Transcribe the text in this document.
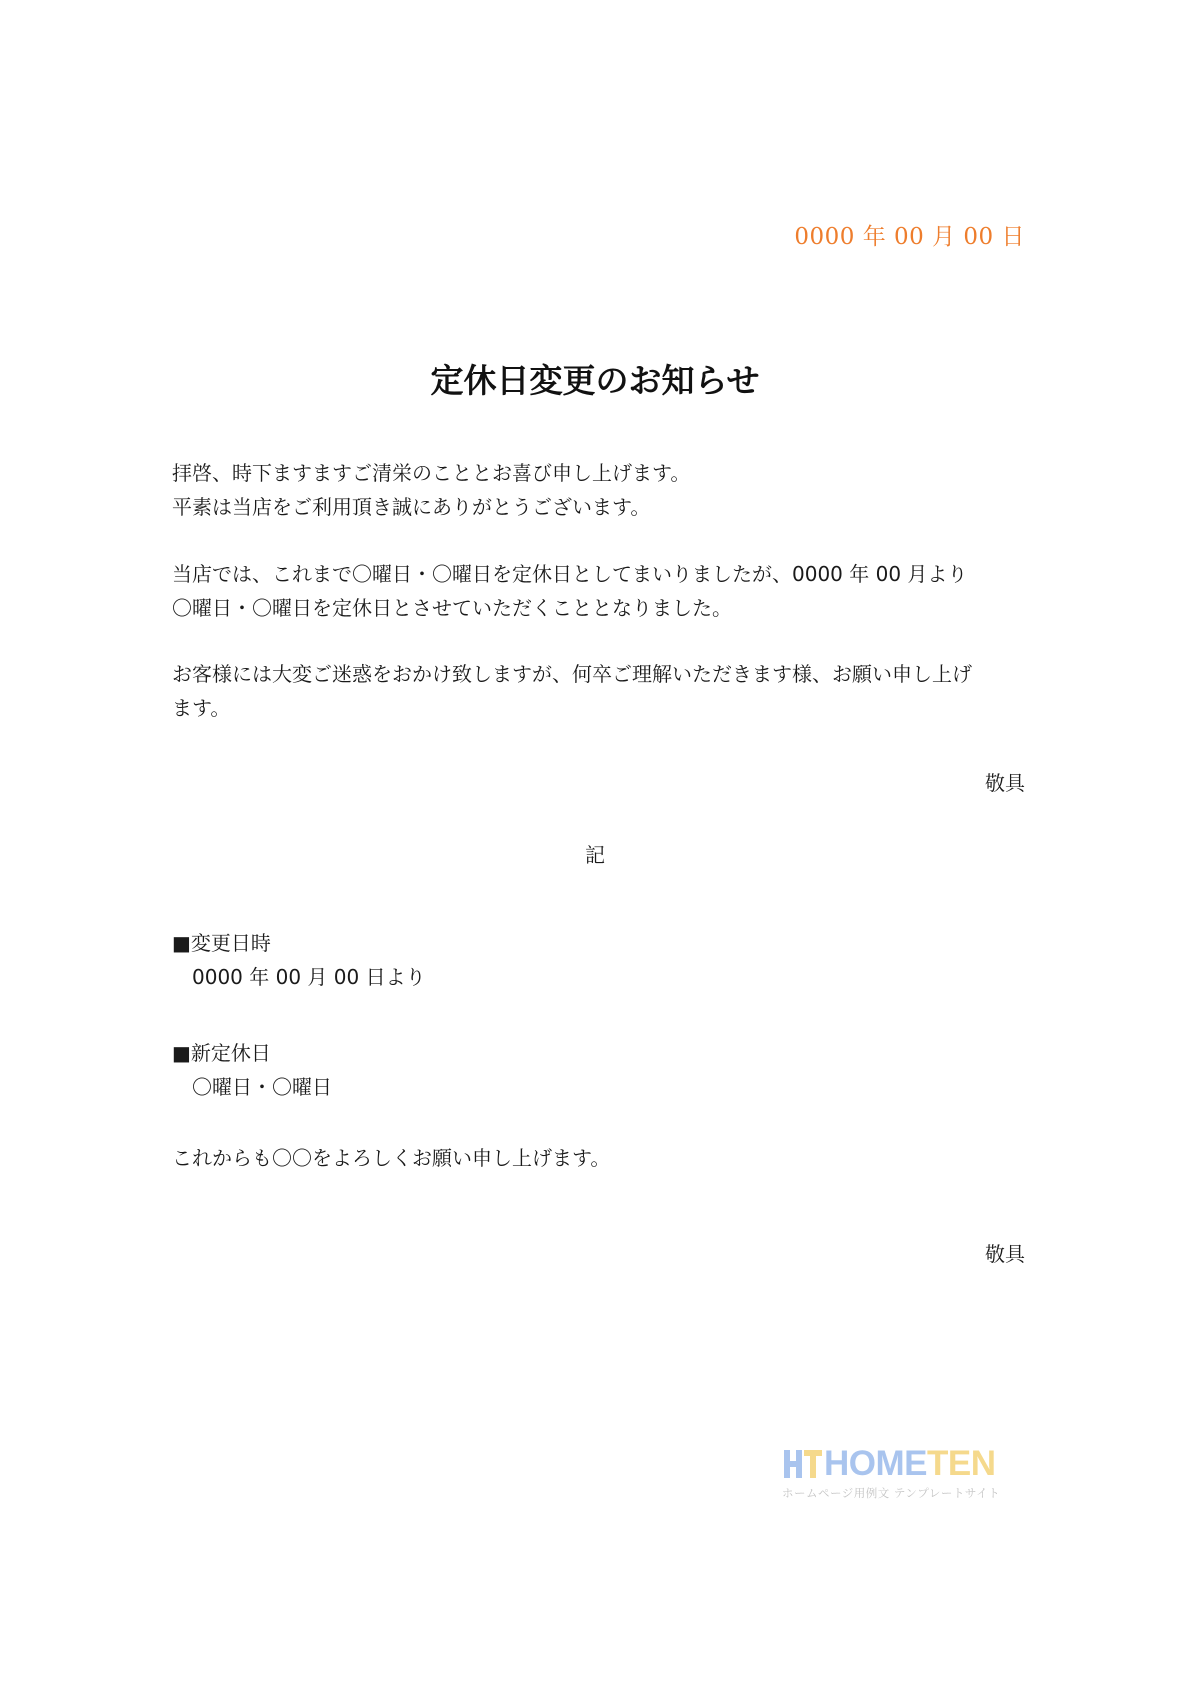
0000 年 00 月 00 日
定休日変更のお知らせ
拝啓、時下ますますご清栄のこととお喜び申し上げます。
平素は当店をご利用頂き誠にありがとうございます。
当店では、これまで〇曜日・〇曜日を定休日としてまいりましたが、0000 年 00 月より
〇曜日・〇曜日を定休日とさせていただくこととなりました。
お客様には大変ご迷惑をおかけ致しますが、何卒ご理解いただきます様、お願い申し上げ
ます。
敬具
記
■変更日時
0000 年 00 月 00 日より
■新定休日
〇曜日・〇曜日
これからも〇〇をよろしくお願い申し上げます。
敬具
HOME TEN
ホームページ用例文 テンプレートサイト
